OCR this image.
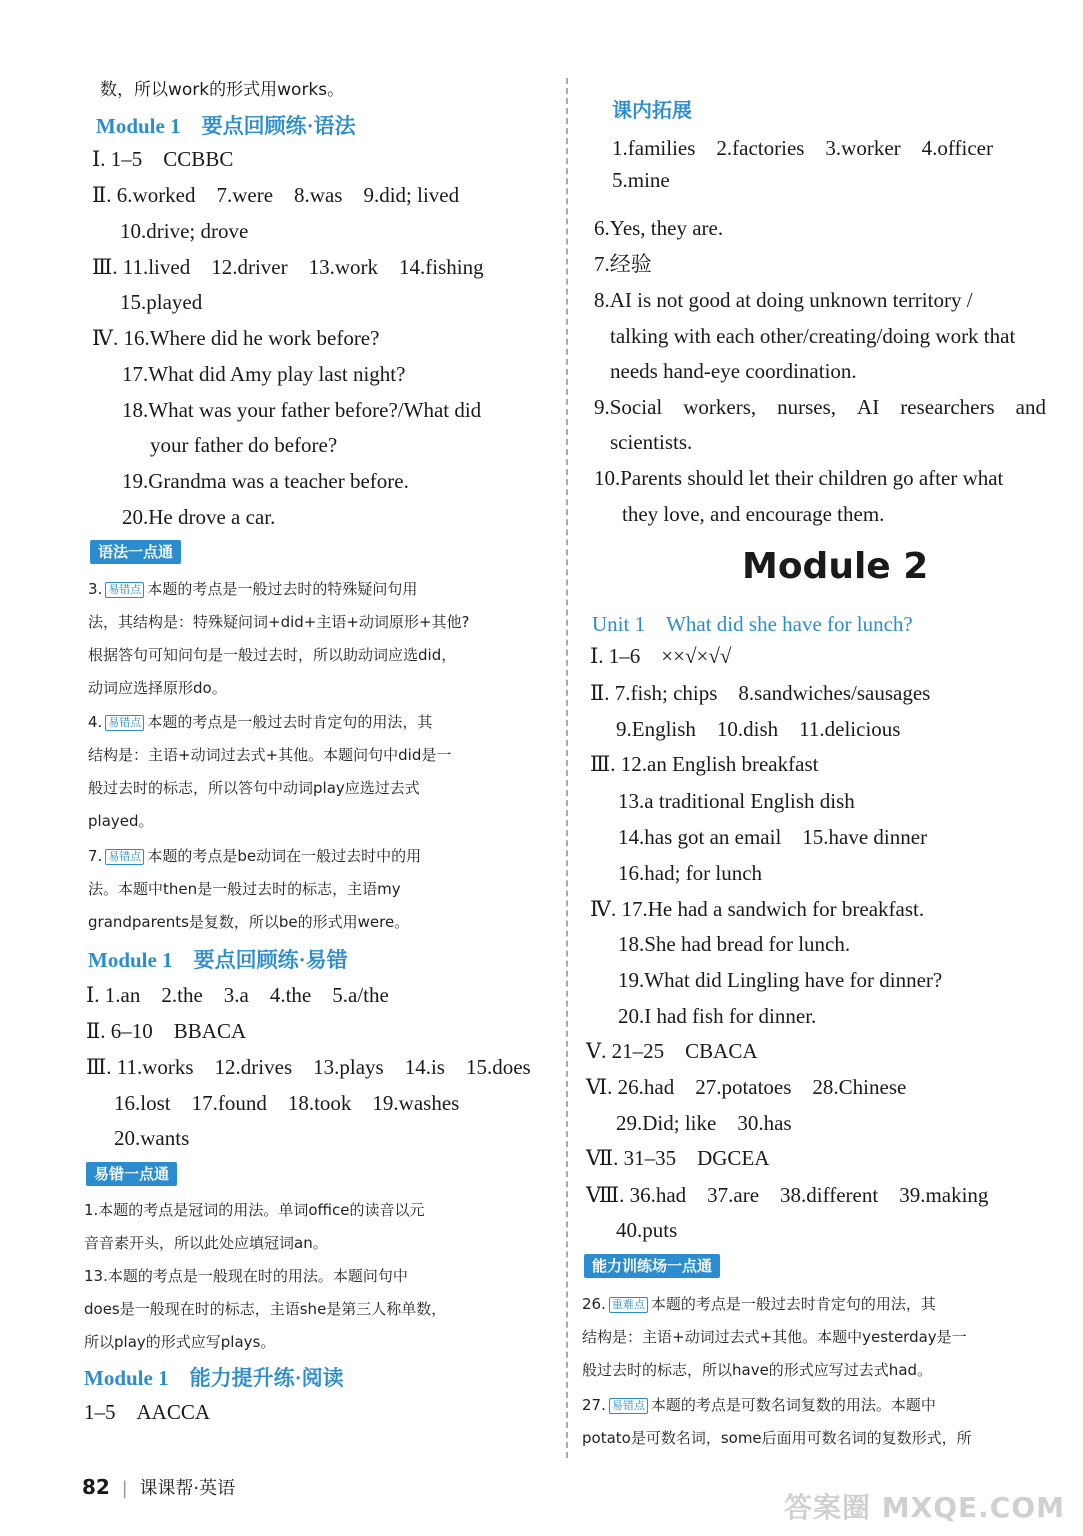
数，所以work的形式用works。
Module 1　要点回顾练·语法
Ⅰ. 1–5　CCBBC
Ⅱ. 6.worked　7.were　8.was　9.did; lived
10.drive; drove
Ⅲ. 11.lived　12.driver　13.work　14.fishing
15.played
Ⅳ. 16.Where did he work before?
17.What did Amy play last night?
18.What was your father before?/What did
your father do before?
19.Grandma was a teacher before.
20.He drove a car.
语法一点通
3. 易错点 本题的考点是一般过去时的特殊疑问句用
法，其结构是：特殊疑问词+did+主语+动词原形+其他?
根据答句可知问句是一般过去时，所以助动词应选did，
动词应选择原形do。
4. 易错点 本题的考点是一般过去时肯定句的用法，其
结构是：主语+动词过去式+其他。本题问句中did是一
般过去时的标志，所以答句中动词play应选过去式
played。
7. 易错点 本题的考点是be动词在一般过去时中的用
法。本题中then是一般过去时的标志，主语my
grandparents是复数，所以be的形式用were。
Module 1　要点回顾练·易错
Ⅰ. 1.an　2.the　3.a　4.the　5.a/the
Ⅱ. 6–10　BBACA
Ⅲ. 11.works　12.drives　13.plays　14.is　15.does
16.lost　17.found　18.took　19.washes
20.wants
易错一点通
1.本题的考点是冠词的用法。单词office的读音以元
音音素开头，所以此处应填冠词an。
13.本题的考点是一般现在时的用法。本题问句中
does是一般现在时的标志，主语she是第三人称单数，
所以play的形式应写plays。
Module 1　能力提升练·阅读
1–5　AACCA
课内拓展
1.families　2.factories　3.worker　4.officer
5.mine
6.Yes, they are.
7.经验
8.AI is not good at doing unknown territory /
talking with each other/creating/doing work that
needs hand-eye coordination.
9.Social　workers,　nurses,　AI　researchers　and
scientists.
10.Parents should let their children go after what
they love, and encourage them.
Module 2
Unit 1　What did she have for lunch?
Ⅰ. 1–6　××√×√√
Ⅱ. 7.fish; chips　8.sandwiches/sausages
9.English　10.dish　11.delicious
Ⅲ. 12.an English breakfast
13.a traditional English dish
14.has got an email　15.have dinner
16.had; for lunch
Ⅳ. 17.He had a sandwich for breakfast.
18.She had bread for lunch.
19.What did Lingling have for dinner?
20.I had fish for dinner.
Ⅴ. 21–25　CBACA
Ⅵ. 26.had　27.potatoes　28.Chinese
29.Did; like　30.has
Ⅶ. 31–35　DGCEA
Ⅷ. 36.had　37.are　38.different　39.making
40.puts
能力训练场一点通
26. 重难点 本题的考点是一般过去时肯定句的用法，其
结构是：主语+动词过去式+其他。本题中yesterday是一
般过去时的标志，所以have的形式应写过去式had。
27. 易错点 本题的考点是可数名词复数的用法。本题中
potato是可数名词，some后面用可数名词的复数形式，所
82 | 课课帮·英语
答案圈 MXQE.COM
